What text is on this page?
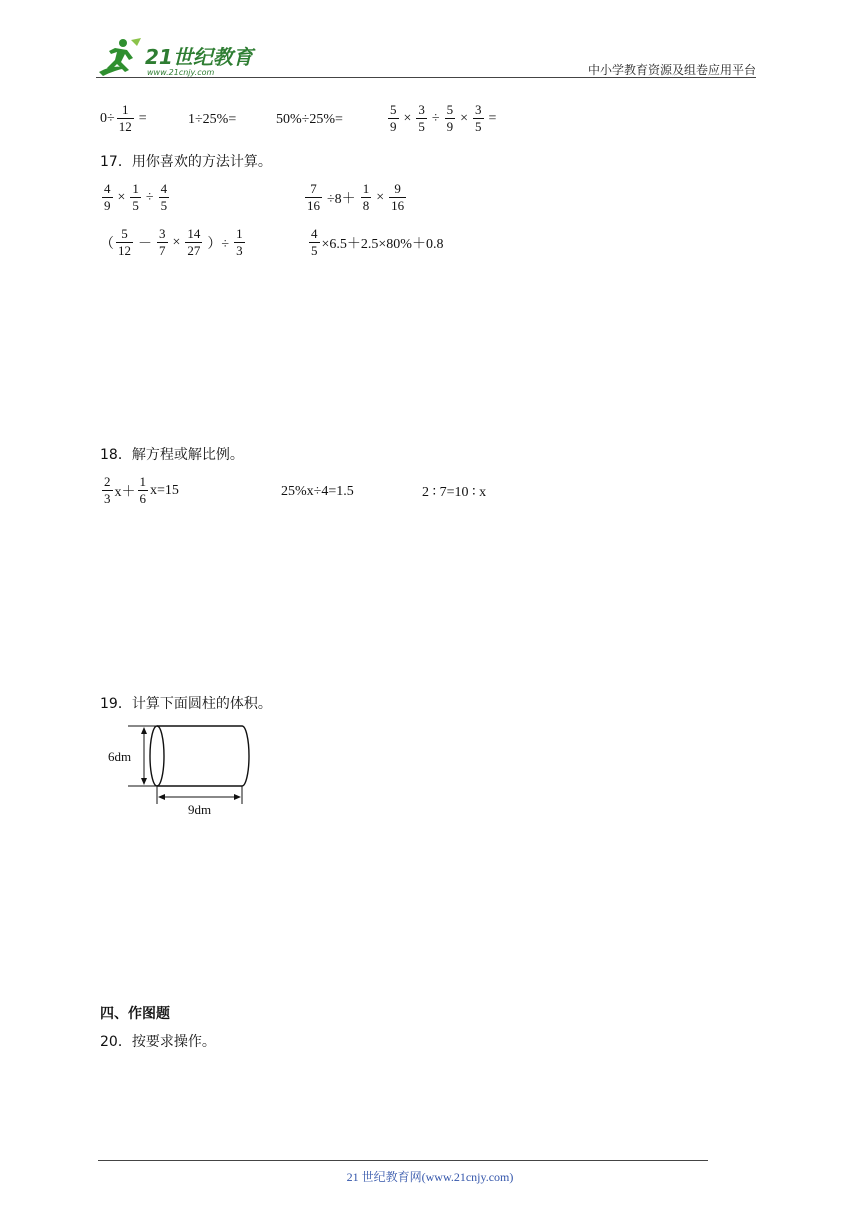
21世纪教育
www.21cnjy.com	中小学教育资源及组卷应用平台
$0\div \frac{1}{12}$ =	1÷25%=	50%÷25%=	$\frac{5}{9} \times \frac{3}{5} \div \frac{5}{9} \times \frac{3}{5}$ =
17．用你喜欢的方法计算。
$\frac{4}{9} \times \frac{1}{5} \div \frac{4}{5}$	$\frac{7}{16} \div 8+ \frac{1}{8} \times \frac{9}{16}$
（ $\frac{5}{12} - \frac{3}{7} \times \frac{14}{27}$ ）÷ $\frac{1}{3}$	$\frac{4}{5} \times 6.5+2.5\times 80\%+0.8$
18．解方程或解比例。
$\frac{2}{3} x+ \frac{1}{6} x=15$	25%x÷4=1.5	2 ∶ 7=10 ∶ x
19．计算下面圆柱的体积。
6dm
9dm
四、作图题
20．按要求操作。
21 世纪教育网(www.21cnjy.com)
